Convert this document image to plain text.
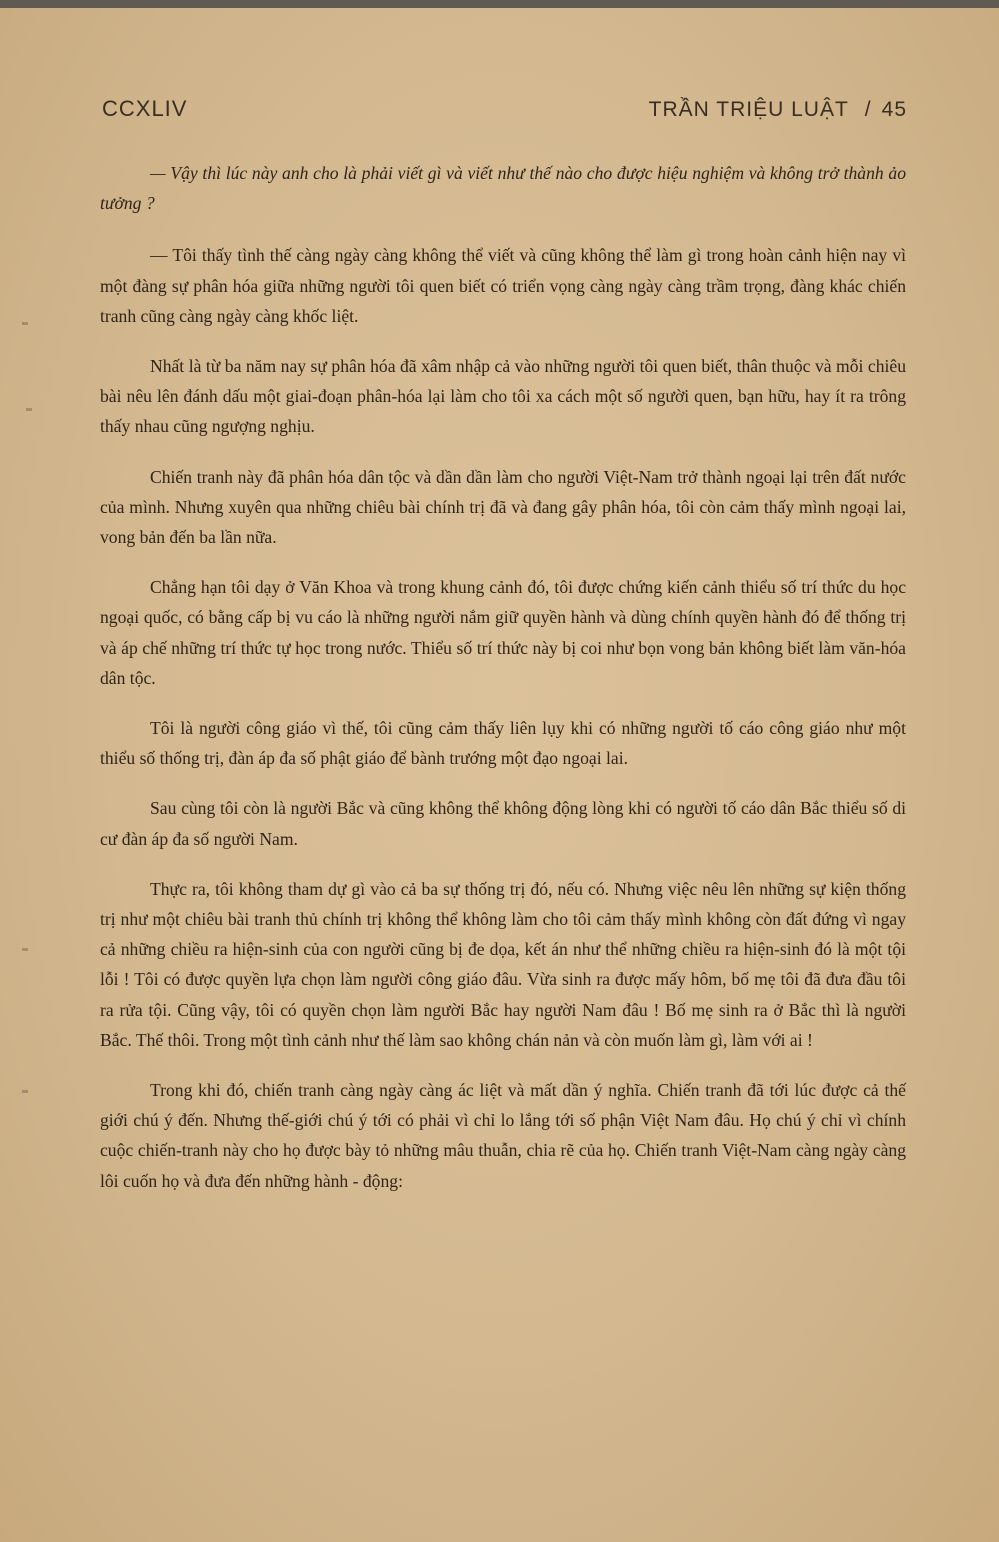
CCXLIV	TRẦN TRIỆU LUẬT / 45

— Vậy thì lúc này anh cho là phải viết gì và viết như thế nào cho được hiệu nghiệm và không trở thành ảo tưởng ?

— Tôi thấy tình thế càng ngày càng không thể viết và cũng không thể làm gì trong hoàn cảnh hiện nay vì một đàng sự phân hóa giữa những người tôi quen biết có triển vọng càng ngày càng trầm trọng, đàng khác chiến tranh cũng càng ngày càng khốc liệt.

Nhất là từ ba năm nay sự phân hóa đã xâm nhập cả vào những người tôi quen biết, thân thuộc và mỗi chiêu bài nêu lên đánh dấu một giai-đoạn phân-hóa lại làm cho tôi xa cách một số người quen, bạn hữu, hay ít ra trông thấy nhau cũng ngượng nghịu.

Chiến tranh này đã phân hóa dân tộc và dần dần làm cho người Việt-Nam trở thành ngoại lại trên đất nước của mình. Nhưng xuyên qua những chiêu bài chính trị đã và đang gây phân hóa, tôi còn cảm thấy mình ngoại lai, vong bản đến ba lần nữa.

Chẳng hạn tôi dạy ở Văn Khoa và trong khung cảnh đó, tôi được chứng kiến cảnh thiểu số trí thức du học ngoại quốc, có bằng cấp bị vu cáo là những người nắm giữ quyền hành và dùng chính quyền hành đó để thống trị và áp chế những trí thức tự học trong nước. Thiểu số trí thức này bị coi như bọn vong bản không biết làm văn-hóa dân tộc.

Tôi là người công giáo vì thế, tôi cũng cảm thấy liên lụy khi có những người tố cáo công giáo như một thiểu số thống trị, đàn áp đa số phật giáo để bành trướng một đạo ngoại lai.

Sau cùng tôi còn là người Bắc và cũng không thể không động lòng khi có người tố cáo dân Bắc thiểu số di cư đàn áp đa số người Nam.

Thực ra, tôi không tham dự gì vào cả ba sự thống trị đó, nếu có. Nhưng việc nêu lên những sự kiện thống trị như một chiêu bài tranh thủ chính trị không thể không làm cho tôi cảm thấy mình không còn đất đứng vì ngay cả những chiều ra hiện-sinh của con người cũng bị đe dọa, kết án như thể những chiều ra hiện-sinh đó là một tội lỗi ! Tôi có được quyền lựa chọn làm người công giáo đâu. Vừa sinh ra được mấy hôm, bố mẹ tôi đã đưa đầu tôi ra rửa tội. Cũng vậy, tôi có quyền chọn làm người Bắc hay người Nam đâu ! Bố mẹ sinh ra ở Bắc thì là người Bắc. Thế thôi. Trong một tình cảnh như thế làm sao không chán nản và còn muốn làm gì, làm với ai !

Trong khi đó, chiến tranh càng ngày càng ác liệt và mất dần ý nghĩa. Chiến tranh đã tới lúc được cả thế giới chú ý đến. Nhưng thế-giới chú ý tới có phải vì chỉ lo lắng tới số phận Việt Nam đâu. Họ chú ý chỉ vì chính cuộc chiến-tranh này cho họ được bày tỏ những mâu thuẫn, chia rẽ của họ. Chiến tranh Việt-Nam càng ngày càng lôi cuốn họ và đưa đến những hành - động:
